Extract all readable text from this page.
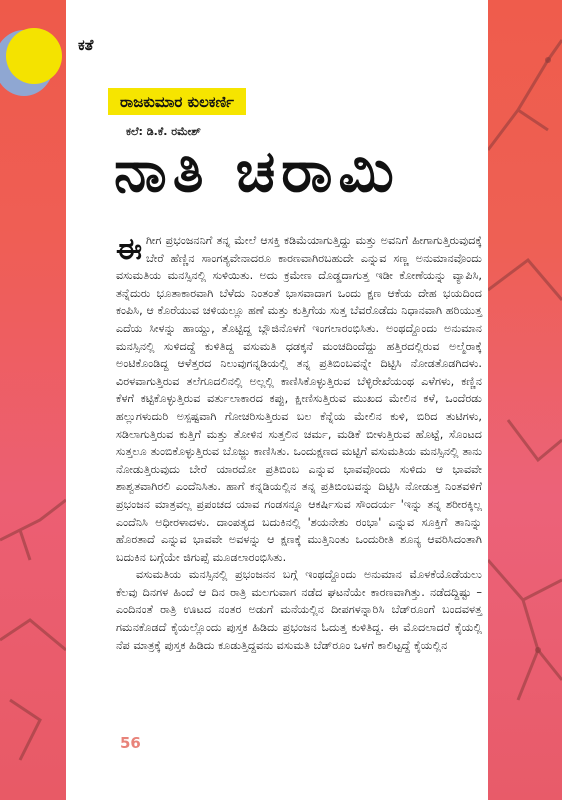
ಕತೆ
ರಾಜಕುಮಾರ ಕುಲಕರ್ಣಿ
ಕಲೆ: ಡಿ.ಕೆ. ರಮೇಶ್
ನಾತಿ ಚರಾಮಿ

ಈಗೀಗ ಪ್ರಭಂಜನನಿಗೆ ತನ್ನ ಮೇಲೆ ಆಸಕ್ತಿ ಕಡಿಮೆಯಾಗುತ್ತಿದ್ದು ಮತ್ತು ಅವನಿಗೆ ಹೀಗಾಗುತ್ತಿರುವುದಕ್ಕೆ ಬೇರೆ ಹೆಣ್ಣಿನ ಸಾಂಗತ್ಯವೇನಾದರೂ ಕಾರಣವಾಗಿರಬಹುದೇ ಎನ್ನುವ ಸಣ್ಣ ಅನುಮಾನವೊಂದು ವಸುಮತಿಯ ಮನಸ್ಸಿನಲ್ಲಿ ಸುಳಿಯಿತು. ಅದು ಕ್ರಮೇಣ ದೊಡ್ಡದಾಗುತ್ತ ಇಡೀ ಕೋಣೆಯನ್ನು ವ್ಯಾಪಿಸಿ, ತನ್ನೆದುರು ಭೂತಾಕಾರವಾಗಿ ಬೆಳೆದು ನಿಂತಂತೆ ಭಾಸವಾದಾಗ ಒಂದು ಕ್ಷಣ ಆಕೆಯ ದೇಹ ಭಯದಿಂದ ಕಂಪಿಸಿ, ಆ ಕೊರೆಯುವ ಚಳಿಯಲ್ಲೂ ಹಣೆ ಮತ್ತು ಕುತ್ತಿಗೆಯ ಸುತ್ತ ಬೆವರೊಡೆದು ನಿಧಾನವಾಗಿ ಹರಿಯುತ್ತ ಎದೆಯ ಸೀಳನ್ನು ಹಾಯ್ದು, ತೊಟ್ಟಿದ್ದ ಬ್ಲೌಜಿನೊಳಗೆ ಇಂಗಲಾರಂಭಿಸಿತು. ಅಂಥದ್ದೊಂದು ಅನುಮಾನ ಮನಸ್ಸಿನಲ್ಲಿ ಸುಳಿದದ್ದೆ ಕುಳಿತಿದ್ದ ವಸುಮತಿ ಧಡಕ್ಕನೆ ಮಂಚದಿಂದೆದ್ದು ಹತ್ತಿರದಲ್ಲಿರುವ ಅಲ್ಮೆರಾಕ್ಕೆ ಅಂಟಿಕೊಂಡಿದ್ದ ಆಳೆತ್ತರದ ನಿಲುವುಗನ್ನಡಿಯಲ್ಲಿ ತನ್ನ ಪ್ರತಿಬಿಂಬವನ್ನೇ ದಿಟ್ಟಿಸಿ ನೋಡತೊಡಗಿದಳು. ವಿರಳವಾಗುತ್ತಿರುವ ತಲೆಗೂದಲಿನಲ್ಲಿ ಅಲ್ಲಲ್ಲಿ ಕಾಣಿಸಿಕೊಳ್ಳುತ್ತಿರುವ ಬೆಳ್ಳಿರೇಖೆಯಂಥ ಎಳೆಗಳು, ಕಣ್ಣಿನ ಕೆಳಗೆ ಕಟ್ಟಿಕೊಳ್ಳುತ್ತಿರುವ ವರ್ತುಲಾಕಾರದ ಕಪ್ಪು, ಕ್ಷೀಣಿಸುತ್ತಿರುವ ಮುಖದ ಮೇಲಿನ ಕಳೆ, ಒಂದೆರಡು ಹಲ್ಲುಗಳುದುರಿ ಅಸ್ಪಷ್ಟವಾಗಿ ಗೋಚರಿಸುತ್ತಿರುವ ಬಲ ಕೆನ್ನೆಯ ಮೇಲಿನ ಕುಳಿ, ಬಿರಿದ ತುಟಿಗಳು, ಸಡಿಲಾಗುತ್ತಿರುವ ಕುತ್ತಿಗೆ ಮತ್ತು ತೋಳಿನ ಸುತ್ತಲಿನ ಚರ್ಮ, ಮಡಿಕೆ ಬೀಳುತ್ತಿರುವ ಹೊಟ್ಟೆ, ಸೊಂಟದ ಸುತ್ತಲೂ ತುಂಬಿಕೊಳ್ಳುತ್ತಿರುವ ಬೊಜ್ಜು ಕಾಣಿಸಿತು. ಒಂದುಕ್ಷಣದ ಮಟ್ಟಿಗೆ ವಸುಮತಿಯ ಮನಸ್ಸಿನಲ್ಲಿ ತಾನು ನೋಡುತ್ತಿರುವುದು ಬೇರೆ ಯಾರದೋ ಪ್ರತಿಬಿಂಬ ಎನ್ನುವ ಭಾವವೊಂದು ಸುಳಿದು ಆ ಭಾವವೇ ಶಾಶ್ವತವಾಗಿರಲಿ ಎಂದೆನಿಸಿತು. ಹಾಗೆ ಕನ್ನಡಿಯಲ್ಲಿನ ತನ್ನ ಪ್ರತಿಬಿಂಬವನ್ನು ದಿಟ್ಟಿಸಿ ನೋಡುತ್ತ ನಿಂತವಳಿಗೆ ಪ್ರಭಂಜನ ಮಾತ್ರವಲ್ಲ ಪ್ರಪಂಚದ ಯಾವ ಗಂಡಸನ್ನೂ ಆಕರ್ಷಿಸುವ ಸೌಂದರ್ಯ 'ಇನ್ನು ತನ್ನ ಶರೀರಕ್ಕಿಲ್ಲ ಎಂದೆನಿಸಿ ಅಧೀರಳಾದಳು. ದಾಂಪತ್ಯದ ಬದುಕಿನಲ್ಲಿ 'ಶಯನೇಶು ರಂಭಾ' ಎನ್ನುವ ಸೂಕ್ತಿಗೆ ತಾನಿನ್ನು ಹೊರತಾದೆ ಎನ್ನುವ ಭಾವವೇ ಅವಳನ್ನು ಆ ಕ್ಷಣಕ್ಕೆ ಮುತ್ತಿನಿಂತು ಒಂದುರೀತಿ ಶೂನ್ಯ ಆವರಿಸಿದಂತಾಗಿ ಬದುಕಿನ ಬಗ್ಗೆಯೇ ಜಿಗುಪ್ಸೆ ಮೂಡಲಾರಂಭಿಸಿತು.

ವಸುಮತಿಯ ಮನಸ್ಸಿನಲ್ಲಿ ಪ್ರಭಂಜನನ ಬಗ್ಗೆ ಇಂಥದ್ದೊಂದು ಅನುಮಾನ ಮೊಳಕೆಯೊಡೆಯಲು ಕೆಲವು ದಿನಗಳ ಹಿಂದೆ ಆ ದಿನ ರಾತ್ರಿ ಮಲಗುವಾಗ ನಡೆದ ಘಟನೆಯೇ ಕಾರಣವಾಗಿತ್ತು. ನಡೆದದ್ದಿಷ್ಟು – ಎಂದಿನಂತೆ ರಾತ್ರಿ ಊಟದ ನಂತರ ಅಡುಗೆ ಮನೆಯಲ್ಲಿನ ದೀಪಗಳನ್ನಾರಿಸಿ ಬೆಡ್‌ರೂಂಗೆ ಬಂದವಳತ್ತ ಗಮನಕೊಡದೆ ಕೈಯಲ್ಲೊಂದು ಪುಸ್ತಕ ಹಿಡಿದು ಪ್ರಭಂಜನ ಓದುತ್ತ ಕುಳಿತಿದ್ದ. ಈ ಮೊದಲಾದರೆ ಕೈಯಲ್ಲಿ ನೆಪ ಮಾತ್ರಕ್ಕೆ ಪುಸ್ತಕ ಹಿಡಿದು ಕೂಡುತ್ತಿದ್ದವನು ವಸುಮತಿ ಬೆಡ್‌ರೂಂ ಒಳಗೆ ಕಾಲಿಟ್ಟದ್ದೆ ಕೈಯಲ್ಲಿನ

56
